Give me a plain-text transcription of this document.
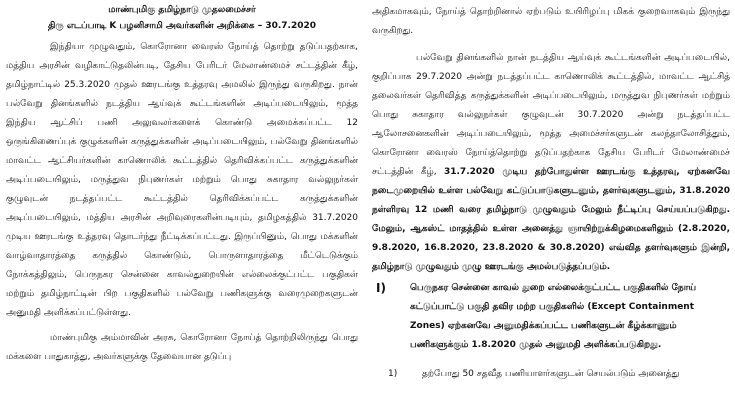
மாண்புமிகு தமிழ்நாடு முதலமைச்சர்

திரு எடப்பாடி K பழனிசாமி அவர்களின் அறிக்கை – 30.7.2020

இந்தியா முழுவதும், கொரோனா வைரஸ் நோய்த் தொற்று தடுப்பதற்காக, மத்திய அரசின் வழிகாட்டுதலின்படி, தேசிய பேரிடர் மேலாண்மைச் சட்டத்தின் கீழ், தமிழ்நாட்டில் 25.3.2020 முதல் ஊரடங்கு உத்தரவு அமலில் இருந்து வருகிறது. நான் பல்வேறு தினங்களில் நடத்திய ஆய்வுக் கூட்டங்களின் அடிப்படையிலும், மூத்த இந்திய ஆட்சிப் பணி அலுவலர்களைக் கொண்டு அமைக்கப்பட்ட 12 ஒருங்கிணைப்புக் குழுக்களின் கருத்துக்களின் அடிப்படையிலும், பல்வேறு தினங்களில் மாவட்ட ஆட்சியர்களின் காணொலிக் கூட்டத்தில் தெரிவிக்கப்பட்ட கருத்துக்களின் அடிப்படையிலும், மருத்துவ நிபுணர்கள் மற்றும் பொது சுகாதார வல்லுநர்கள் குழுவுடன் நடத்தப்பட்ட கூட்டத்தில் தெரிவிக்கப்பட்ட கருத்துக்களின் அடிப்படையிலும், மத்திய அரசின் அறிவுரைகளின்படியும், தமிழகத்தில் 31.7.2020 முடிய ஊரடங்கு உத்தரவு தொடர்ந்து நீட்டிக்கப்பட்டது. இருப்பினும், பொது மக்களின் வாழ்வாதாரத்தை கருத்தில் கொண்டும், பொருளாதாரத்தை மீட்டெடுக்கும் நோக்கத்திலும், பெருநகர சென்னை காவல்துறையின் எல்லைக்குட்பட்ட பகுதிகள் மற்றும் தமிழ்நாட்டின் பிற பகுதிகளில் பல்வேறு பணிகளுக்கு வரைமுறைகளுடன் அனுமதி அளிக்கப்பட்டுள்ளது.

மாண்புமிகு அம்மாவின் அரசு, கொரோனா நோய்த் தொற்றிலிருந்து பொது மக்களை பாதுகாத்து, அவர்களுக்கு தேவையான தடுப்பு

அதிகமாகவும், நோய்த் தொற்றினால் ஏற்படும் உயிரிழப்பு மிகக் குறைவாகவும் இருந்து வருகிறது.

பல்வேறு தினங்களில் நான் நடத்திய ஆய்வுக் கூட்டங்களின் அடிப்படையில், குறிப்பாக 29.7.2020 அன்று நடத்தப்பட்ட காணொலிக் கூட்டத்தில், மாவட்ட ஆட்சித் தலைவர்கள் தெரிவித்த கருத்துக்களின் அடிப்படையிலும், மருத்துவ நிபுணர்கள் மற்றும் பொது சுகாதார வல்லுநர்கள் குழுவுடன் 30.7.2020 அன்று நடத்தப்பட்ட ஆலோசனைகளின் அடிப்படையிலும், மூத்த அமைச்சர்களுடன் கலந்தாலோசித்தும், கொரோனா வைரஸ் நோய்த்தொற்று தடுப்பதற்காக தேசிய பேரிடர் மேலாண்மைச் சட்டத்தின் கீழ், 31.7.2020 முடிய தற்போதுள்ள ஊரடங்கு உத்தரவு, ஏற்கனவே நடைமுறையில் உள்ள பல்வேறு கட்டுப்பாடுகளுடனும், தளர்வுகளுடனும், 31.8.2020 நள்ளிரவு 12 மணி வரை தமிழ்நாடு முழுவதும் மேலும் நீட்டிப்பு செய்யப்படுகிறது. மேலும், ஆகஸ்ட் மாதத்தில் உள்ள அனைத்து ஞாயிற்றுக்கிழமைகளிலும் (2.8.2020, 9.8.2020, 16.8.2020, 23.8.2020 & 30.8.2020) எவ்வித தளர்வுகளும் இன்றி, தமிழ்நாடு முழுவதும் முழு ஊரடங்கு அமல்படுத்தப்படும்.

I)	பெருநகர சென்னை காவல் துறை எல்லைக்குட்பட்ட பகுதிகளில் நோய் கட்டுப்பாட்டு பகுதி தவிர மற்ற பகுதிகளில் (Except Containment Zones) ஏற்கனவே அனுமதிக்கப்பட்ட பணிகளுடன் கீழ்க்காணும் பணிகளுக்கும் 1.8.2020 முதல் அனுமதி அளிக்கப்படுகிறது.
1)	தற்போது 50 சதவீத பணியாளர்களுடன் செயல்படும் அனைத்து
